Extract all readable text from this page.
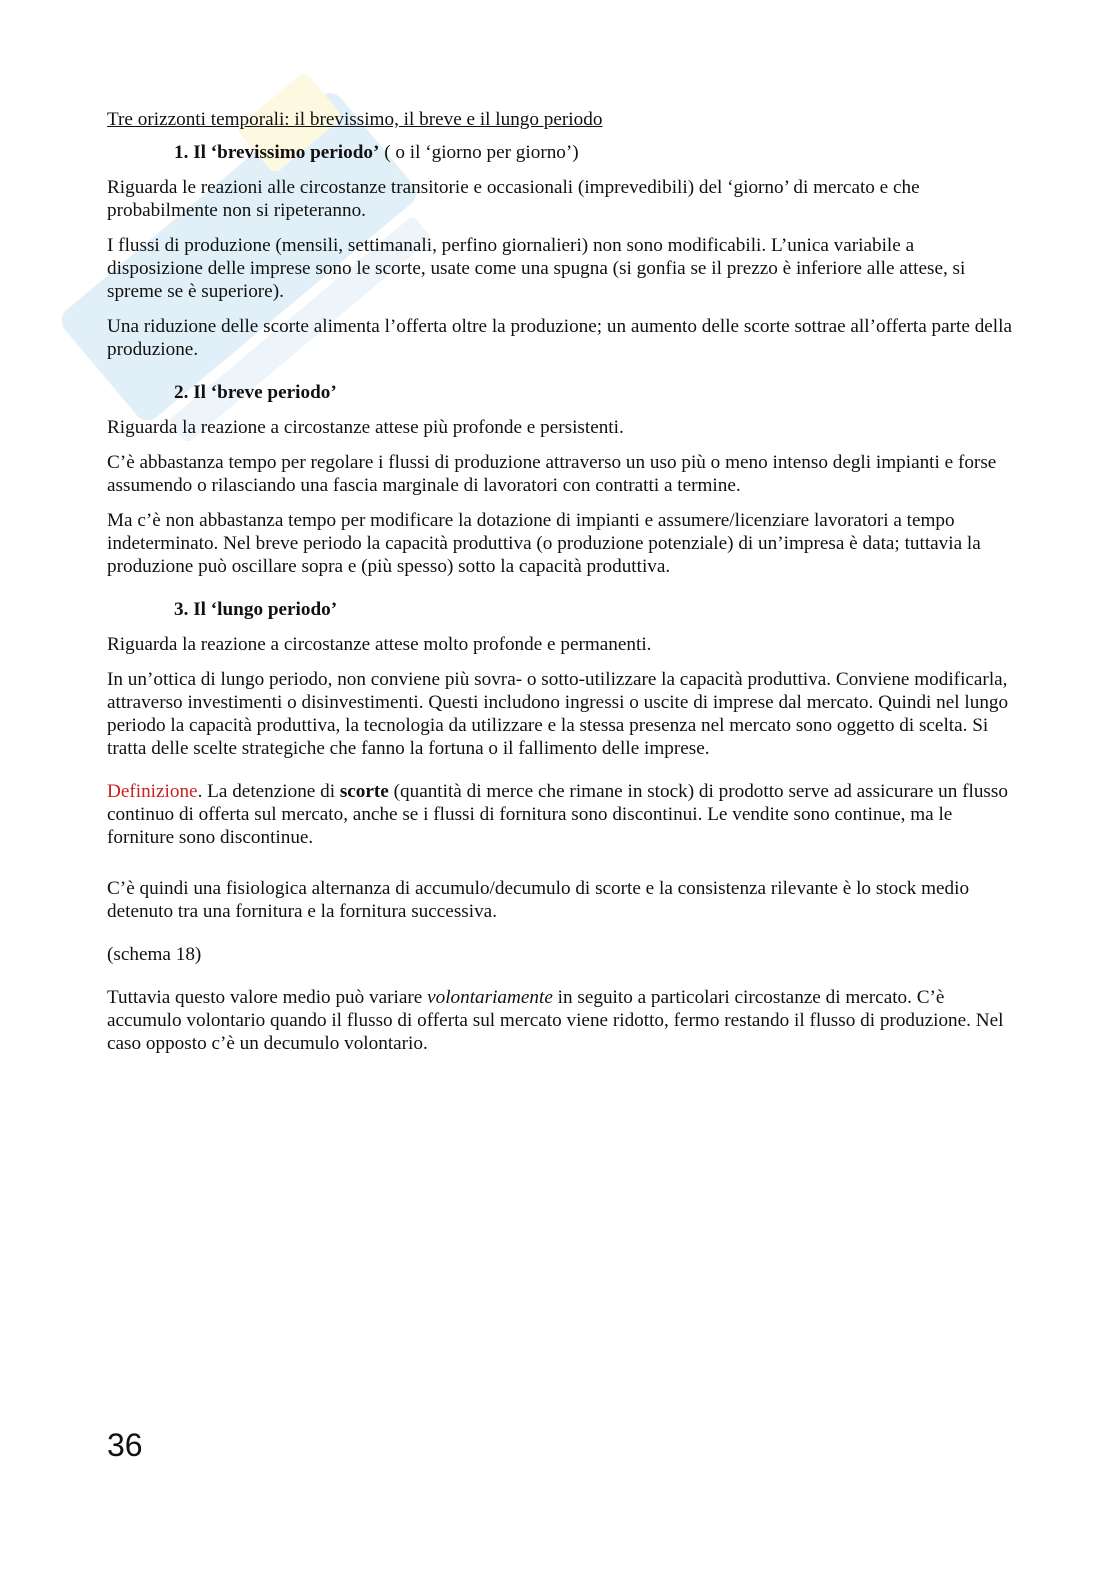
Tre orizzonti temporali: il brevissimo, il breve e il lungo periodo

1. Il ‘brevissimo periodo’ ( o il ‘giorno per giorno’)

Riguarda le reazioni alle circostanze transitorie e occasionali (imprevedibili) del ‘giorno’ di mercato e che probabilmente non si ripeteranno.

I flussi di produzione (mensili, settimanali, perfino giornalieri) non sono modificabili. L’unica variabile a disposizione delle imprese sono le scorte, usate come una spugna (si gonfia se il prezzo è inferiore alle attese, si spreme se è superiore).

Una riduzione delle scorte alimenta l’offerta oltre la produzione; un aumento delle scorte sottrae all’offerta parte della produzione.

2. Il ‘breve periodo’

Riguarda la reazione a circostanze attese più profonde e persistenti.

C’è abbastanza tempo per regolare i flussi di produzione attraverso un uso più o meno intenso degli impianti e forse assumendo o rilasciando una fascia marginale di lavoratori con contratti a termine.

Ma c’è non abbastanza tempo per modificare la dotazione di impianti e assumere/licenziare lavoratori a tempo indeterminato. Nel breve periodo la capacità produttiva (o produzione potenziale) di un’impresa è data; tuttavia la produzione può oscillare sopra e (più spesso) sotto la capacità produttiva.

3. Il ‘lungo periodo’

Riguarda la reazione a circostanze attese molto profonde e permanenti.

In un’ottica di lungo periodo, non conviene più sovra- o sotto-utilizzare la capacità produttiva. Conviene modificarla, attraverso investimenti o disinvestimenti. Questi includono ingressi o uscite di imprese dal mercato. Quindi nel lungo periodo la capacità produttiva, la tecnologia da utilizzare e la stessa presenza nel mercato sono oggetto di scelta. Si tratta delle scelte strategiche che fanno la fortuna o il fallimento delle imprese.

Definizione. La detenzione di scorte (quantità di merce che rimane in stock) di prodotto serve ad assicurare un flusso continuo di offerta sul mercato, anche se i flussi di fornitura sono discontinui. Le vendite sono continue, ma le forniture sono discontinue.

C’è quindi una fisiologica alternanza di accumulo/decumulo di scorte e la consistenza rilevante è lo stock medio detenuto tra una fornitura e la fornitura successiva.

(schema 18)

Tuttavia questo valore medio può variare volontariamente in seguito a particolari circostanze di mercato. C’è accumulo volontario quando il flusso di offerta sul mercato viene ridotto, fermo restando il flusso di produzione. Nel caso opposto c’è un decumulo volontario.

36
